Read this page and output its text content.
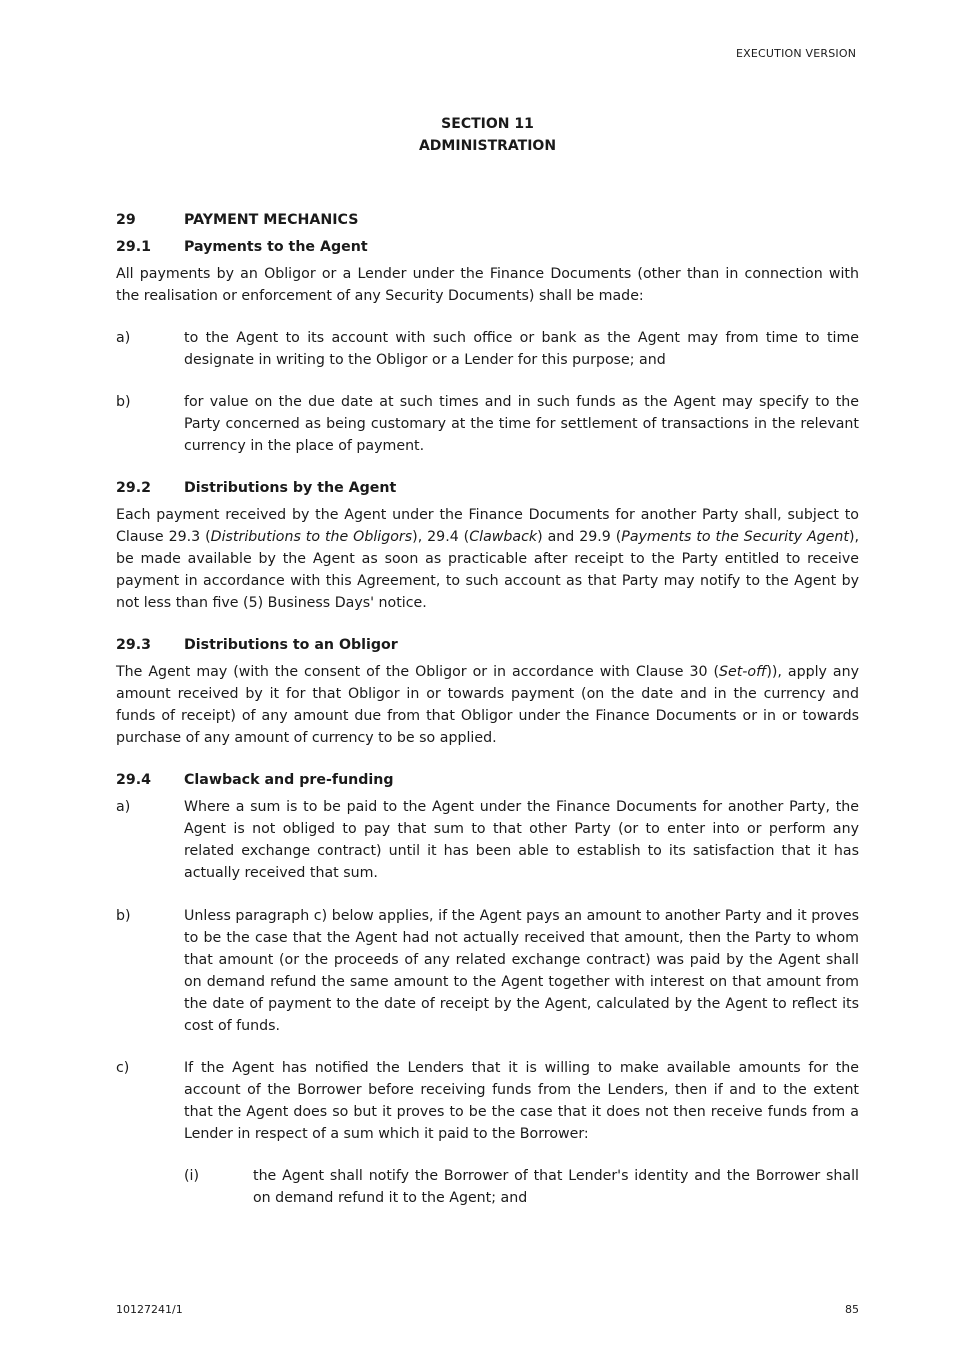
EXECUTION VERSION
SECTION 11
ADMINISTRATION
29	PAYMENT MECHANICS
29.1 Payments to the Agent
All payments by an Obligor or a Lender under the Finance Documents (other than in connection with the realisation or enforcement of any Security Documents) shall be made:
a)	to the Agent to its account with such office or bank as the Agent may from time to time designate in writing to the Obligor or a Lender for this purpose; and
b)	for value on the due date at such times and in such funds as the Agent may specify to the Party concerned as being customary at the time for settlement of transactions in the relevant currency in the place of payment.
29.2 Distributions by the Agent
Each payment received by the Agent under the Finance Documents for another Party shall, subject to Clause 29.3 (Distributions to the Obligors), 29.4 (Clawback) and 29.9 (Payments to the Security Agent), be made available by the Agent as soon as practicable after receipt to the Party entitled to receive payment in accordance with this Agreement, to such account as that Party may notify to the Agent by not less than five (5) Business Days' notice.
29.3 Distributions to an Obligor
The Agent may (with the consent of the Obligor or in accordance with Clause 30 (Set-off)), apply any amount received by it for that Obligor in or towards payment (on the date and in the currency and funds of receipt) of any amount due from that Obligor under the Finance Documents or in or towards purchase of any amount of currency to be so applied.
29.4 Clawback and pre-funding
a)	Where a sum is to be paid to the Agent under the Finance Documents for another Party, the Agent is not obliged to pay that sum to that other Party (or to enter into or perform any related exchange contract) until it has been able to establish to its satisfaction that it has actually received that sum.
b)	Unless paragraph c) below applies, if the Agent pays an amount to another Party and it proves to be the case that the Agent had not actually received that amount, then the Party to whom that amount (or the proceeds of any related exchange contract) was paid by the Agent shall on demand refund the same amount to the Agent together with interest on that amount from the date of payment to the date of receipt by the Agent, calculated by the Agent to reflect its cost of funds.
c)	If the Agent has notified the Lenders that it is willing to make available amounts for the account of the Borrower before receiving funds from the Lenders, then if and to the extent that the Agent does so but it proves to be the case that it does not then receive funds from a Lender in respect of a sum which it paid to the Borrower:
(i)	the Agent shall notify the Borrower of that Lender's identity and the Borrower shall on demand refund it to the Agent; and
10127241/1	85
